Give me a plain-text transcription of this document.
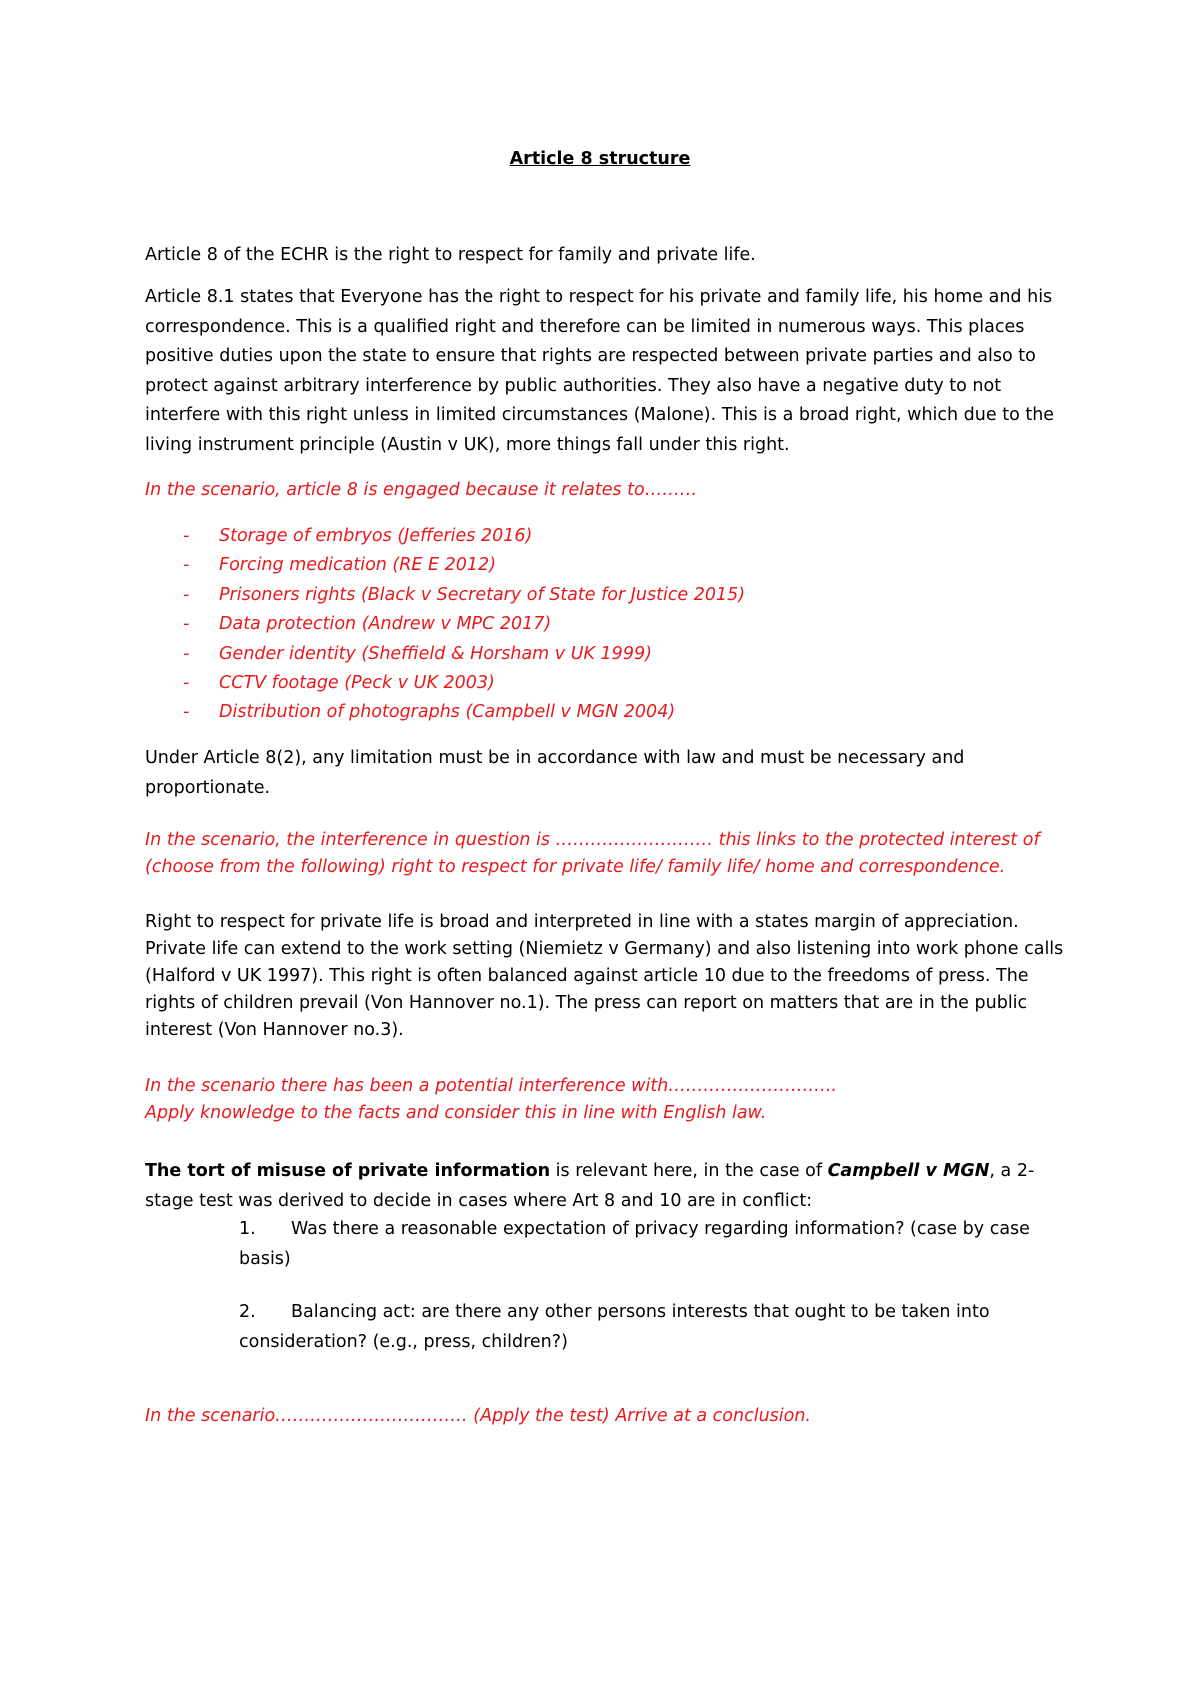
Article 8 structure

Article 8 of the ECHR is the right to respect for family and private life.

Article 8.1 states that Everyone has the right to respect for his private and family life, his home and his correspondence. This is a qualified right and therefore can be limited in numerous ways. This places positive duties upon the state to ensure that rights are respected between private parties and also to protect against arbitrary interference by public authorities. They also have a negative duty to not interfere with this right unless in limited circumstances (Malone). This is a broad right, which due to the living instrument principle (Austin v UK), more things fall under this right.

In the scenario, article 8 is engaged because it relates to………

- Storage of embryos (Jefferies 2016)
- Forcing medication (RE E 2012)
- Prisoners rights (Black v Secretary of State for Justice 2015)
- Data protection (Andrew v MPC 2017)
- Gender identity (Sheffield & Horsham v UK 1999)
- CCTV footage (Peck v UK 2003)
- Distribution of photographs (Campbell v MGN 2004)

Under Article 8(2), any limitation must be in accordance with law and must be necessary and proportionate.

In the scenario, the interference in question is ……………………… this links to the protected interest of (choose from the following) right to respect for private life/ family life/ home and correspondence.

Right to respect for private life is broad and interpreted in line with a states margin of appreciation. Private life can extend to the work setting (Niemietz v Germany) and also listening into work phone calls (Halford v UK 1997). This right is often balanced against article 10 due to the freedoms of press. The rights of children prevail (Von Hannover no.1). The press can report on matters that are in the public interest (Von Hannover no.3).

In the scenario there has been a potential interference with………………………..

Apply knowledge to the facts and consider this in line with English law.

The tort of misuse of private information is relevant here, in the case of Campbell v MGN, a 2-stage test was derived to decide in cases where Art 8 and 10 are in conflict:

1. Was there a reasonable expectation of privacy regarding information? (case by case basis)

2. Balancing act: are there any other persons interests that ought to be taken into consideration? (e.g., press, children?)

In the scenario…………………………… (Apply the test) Arrive at a conclusion.
